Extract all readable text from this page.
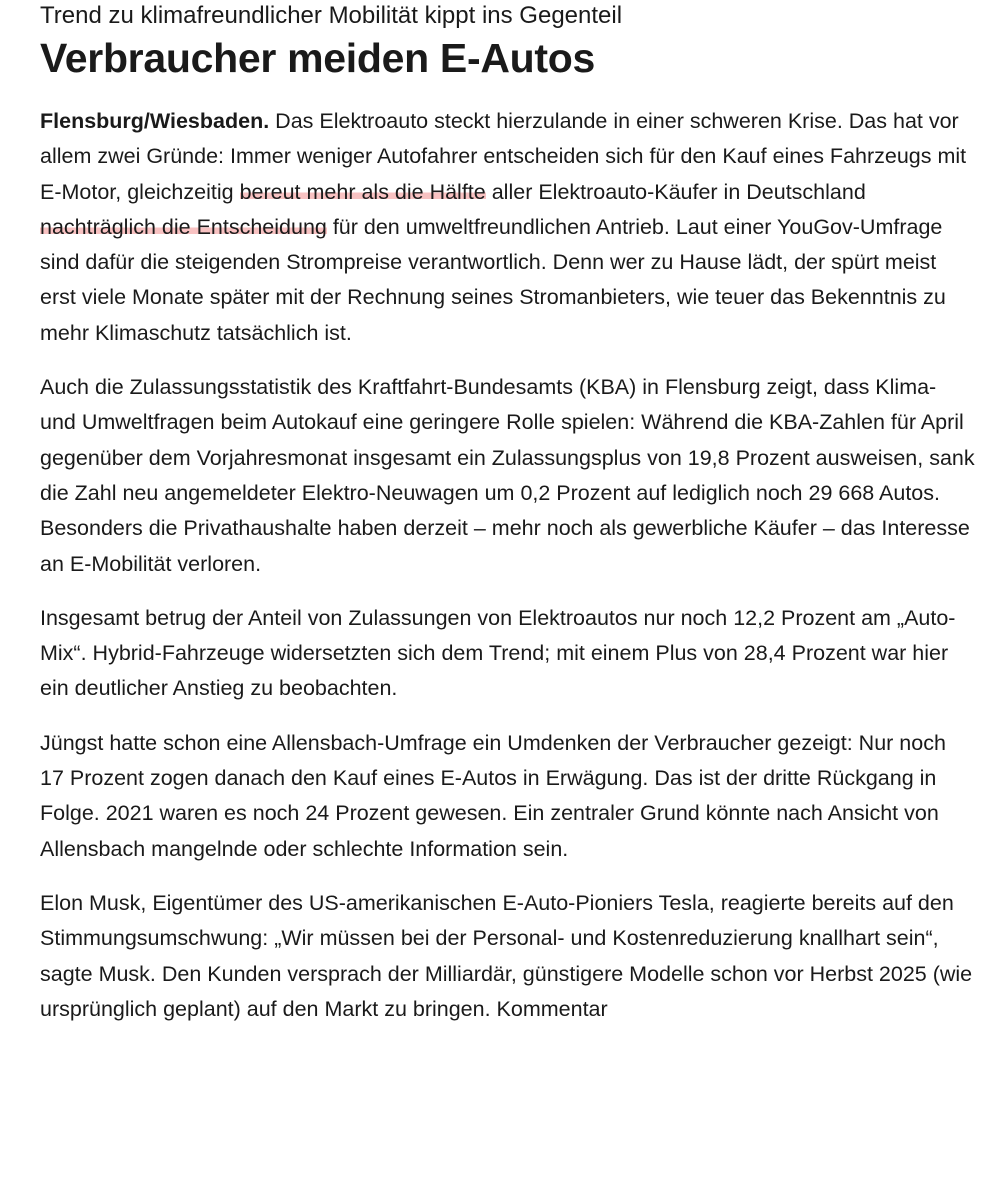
Trend zu klimafreundlicher Mobilität kippt ins Gegenteil
Verbraucher meiden E-Autos

Flensburg/Wiesbaden. Das Elektroauto steckt hierzulande in einer schweren Krise. Das hat vor allem zwei Gründe: Immer weniger Autofahrer entscheiden sich für den Kauf eines Fahrzeugs mit E-Motor, gleichzeitig bereut mehr als die Hälfte aller Elektroauto-Käufer in Deutschland nachträglich die Entscheidung für den umweltfreundlichen Antrieb. Laut einer YouGov-Umfrage sind dafür die steigenden Strompreise verantwortlich. Denn wer zu Hause lädt, der spürt meist erst viele Monate später mit der Rechnung seines Stromanbieters, wie teuer das Bekenntnis zu mehr Klimaschutz tatsächlich ist.

Auch die Zulassungsstatistik des Kraftfahrt-Bundesamts (KBA) in Flensburg zeigt, dass Klima- und Umweltfragen beim Autokauf eine geringere Rolle spielen: Während die KBA-Zahlen für April gegenüber dem Vorjahresmonat insgesamt ein Zulassungsplus von 19,8 Prozent ausweisen, sank die Zahl neu angemeldeter Elektro-Neuwagen um 0,2 Prozent auf lediglich noch 29 668 Autos. Besonders die Privathaushalte haben derzeit – mehr noch als gewerbliche Käufer – das Interesse an E-Mobilität verloren.

Insgesamt betrug der Anteil von Zulassungen von Elektroautos nur noch 12,2 Prozent am „Auto-Mix“. Hybrid-Fahrzeuge widersetzten sich dem Trend; mit einem Plus von 28,4 Prozent war hier ein deutlicher Anstieg zu beobachten.

Jüngst hatte schon eine Allensbach-Umfrage ein Umdenken der Verbraucher gezeigt: Nur noch 17 Prozent zogen danach den Kauf eines E-Autos in Erwägung. Das ist der dritte Rückgang in Folge. 2021 waren es noch 24 Prozent gewesen. Ein zentraler Grund könnte nach Ansicht von Allensbach mangelnde oder schlechte Information sein.

Elon Musk, Eigentümer des US-amerikanischen E-Auto-Pioniers Tesla, reagierte bereits auf den Stimmungsumschwung: „Wir müssen bei der Personal- und Kostenreduzierung knallhart sein“, sagte Musk. Den Kunden versprach der Milliardär, günstigere Modelle schon vor Herbst 2025 (wie ursprünglich geplant) auf den Markt zu bringen. Kommentar
